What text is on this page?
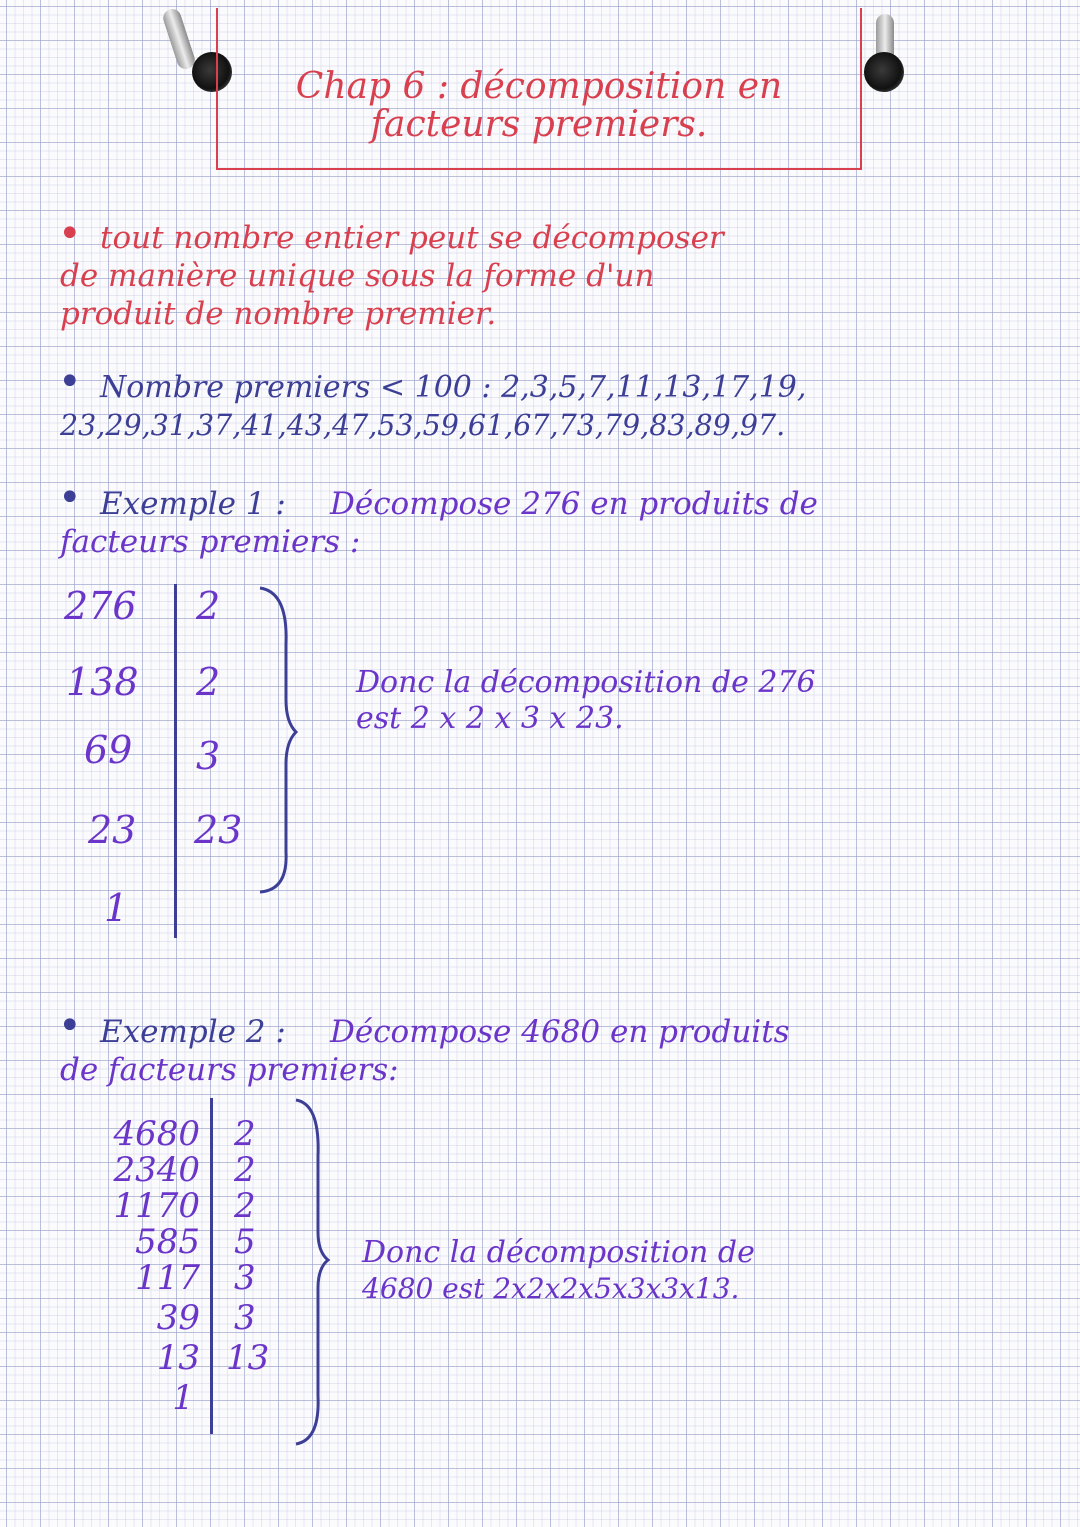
Chap 6 : décomposition en
facteurs premiers.
• tout nombre entier peut se décomposer
de manière unique sous la forme d'un
produit de nombre premier.
• Nombre premiers < 100 : 2,3,5,7,11,13,17,19,
23,29,31,37,41,43,47,53,59,61,67,73,79,83,89,97.
• Exemple 1 : Décompose 276 en produits de
facteurs premiers :
276
138
69
23
1
2
2
3
23
Donc la décomposition de 276
est 2 x 2 x 3 x 23.
• Exemple 2 : Décompose 4680 en produits
de facteurs premiers:
4680
2340
1170
585
117
39
13
1
2
2
2
5
3
3
13
Donc la décomposition de
4680 est 2x2x2x5x3x3x13.
